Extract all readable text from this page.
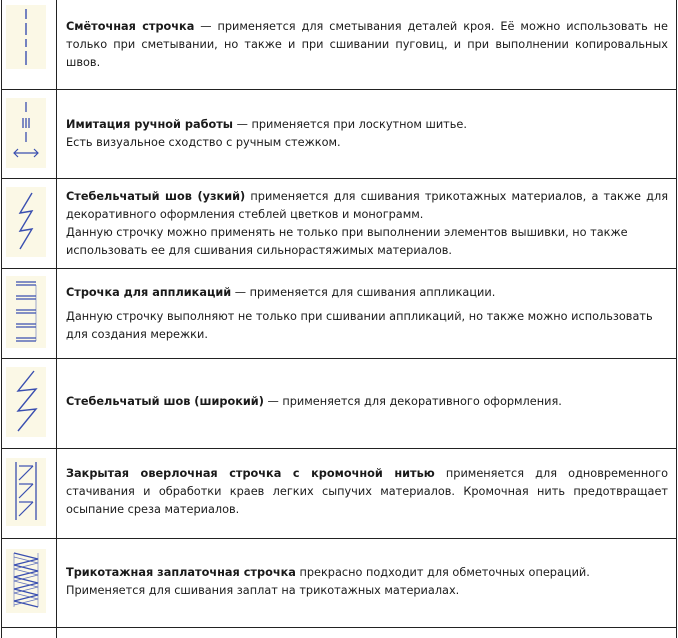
Смёточная строчка — применяется для сметывания деталей кроя. Её можно использовать не только при сметывании, но также и при сшивании пуговиц, и при выполнении копировальных швов.

Имитация ручной работы — применяется при лоскутном шитье.

Есть визуальное сходство с ручным стежком.

Стебельчатый шов (узкий) применяется для сшивания трикотажных материалов, а также для декоративного оформления стеблей цветков и монограмм.

Данную строчку можно применять не только при выполнении элементов вышивки, но также использовать ее для сшивания сильнорастяжимых материалов.

Строчка для аппликаций — применяется для сшивания аппликации.

Данную строчку выполняют не только при сшивании аппликаций, но также можно использовать для создания мережки.

Стебельчатый шов (широкий) — применяется для декоративного оформления.

Закрытая оверлочная строчка с кромочной нитью применяется для одновременного стачивания и обработки краев легких сыпучих материалов. Кромочная нить предотвращает осыпание среза материалов.

Трикотажная заплаточная строчка прекрасно подходит для обметочных операций.

Применяется для сшивания заплат на трикотажных материалах.
